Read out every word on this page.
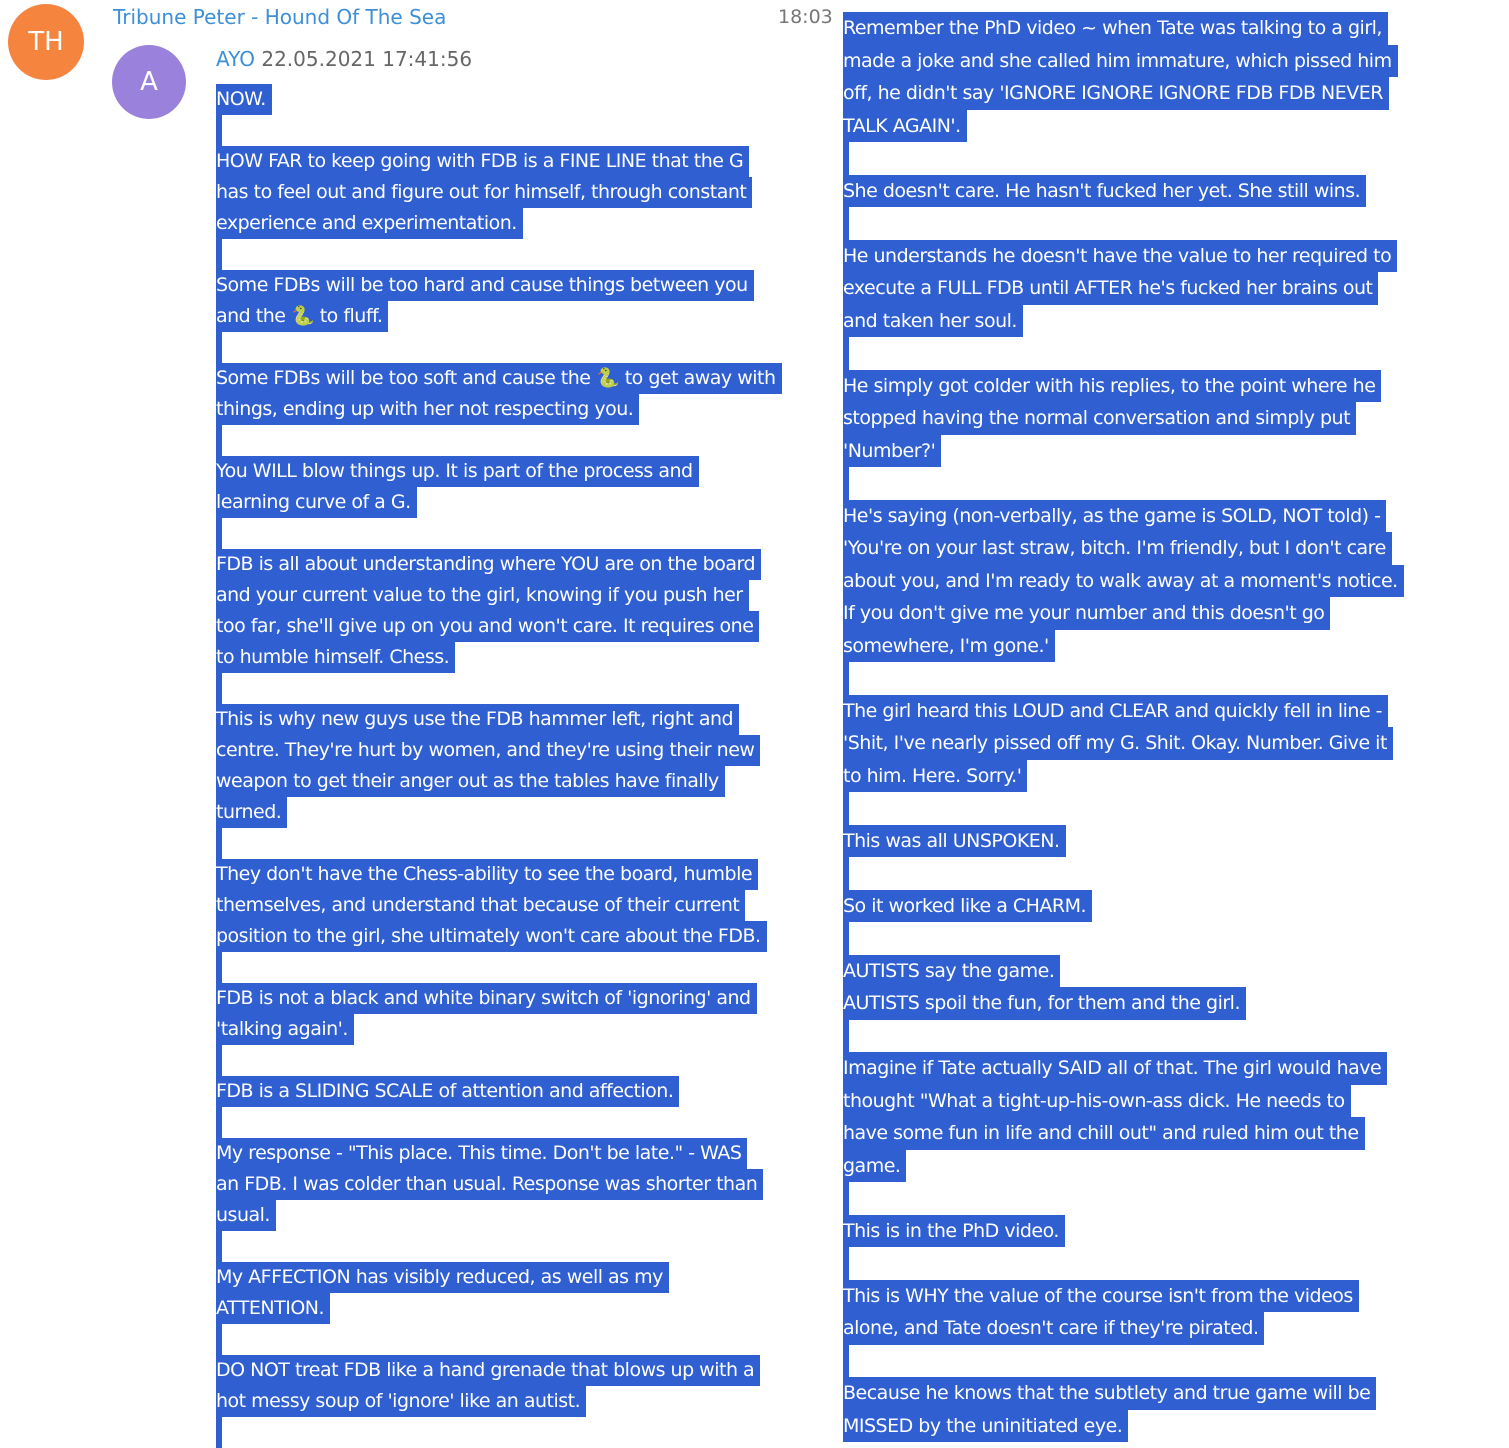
TH
Tribune Peter - Hound Of The Sea	18:03
A
AYO 22.05.2021 17:41:56
NOW.
HOW FAR to keep going with FDB is a FINE LINE that the G
has to feel out and figure out for himself, through constant
experience and experimentation.
Some FDBs will be too hard and cause things between you
and the 🐍 to fluff.
Some FDBs will be too soft and cause the 🐍 to get away with
things, ending up with her not respecting you.
You WILL blow things up. It is part of the process and
learning curve of a G.
FDB is all about understanding where YOU are on the board
and your current value to the girl, knowing if you push her
too far, she'll give up on you and won't care. It requires one
to humble himself. Chess.
This is why new guys use the FDB hammer left, right and
centre. They're hurt by women, and they're using their new
weapon to get their anger out as the tables have finally
turned.
They don't have the Chess-ability to see the board, humble
themselves, and understand that because of their current
position to the girl, she ultimately won't care about the FDB.
FDB is not a black and white binary switch of 'ignoring' and
'talking again'.
FDB is a SLIDING SCALE of attention and affection.
My response - "This place. This time. Don't be late." - WAS
an FDB. I was colder than usual. Response was shorter than
usual.
My AFFECTION has visibly reduced, as well as my
ATTENTION.
DO NOT treat FDB like a hand grenade that blows up with a
hot messy soup of 'ignore' like an autist.
Remember the PhD video ~ when Tate was talking to a girl,
made a joke and she called him immature, which pissed him
off, he didn't say 'IGNORE IGNORE IGNORE FDB FDB NEVER
TALK AGAIN'.
She doesn't care. He hasn't fucked her yet. She still wins.
He understands he doesn't have the value to her required to
execute a FULL FDB until AFTER he's fucked her brains out
and taken her soul.
He simply got colder with his replies, to the point where he
stopped having the normal conversation and simply put
'Number?'
He's saying (non-verbally, as the game is SOLD, NOT told) -
'You're on your last straw, bitch. I'm friendly, but I don't care
about you, and I'm ready to walk away at a moment's notice.
If you don't give me your number and this doesn't go
somewhere, I'm gone.'
The girl heard this LOUD and CLEAR and quickly fell in line -
'Shit, I've nearly pissed off my G. Shit. Okay. Number. Give it
to him. Here. Sorry.'
This was all UNSPOKEN.
So it worked like a CHARM.
AUTISTS say the game.
AUTISTS spoil the fun, for them and the girl.
Imagine if Tate actually SAID all of that. The girl would have
thought "What a tight-up-his-own-ass dick. He needs to
have some fun in life and chill out" and ruled him out the
game.
This is in the PhD video.
This is WHY the value of the course isn't from the videos
alone, and Tate doesn't care if they're pirated.
Because he knows that the subtlety and true game will be
MISSED by the uninitiated eye.
